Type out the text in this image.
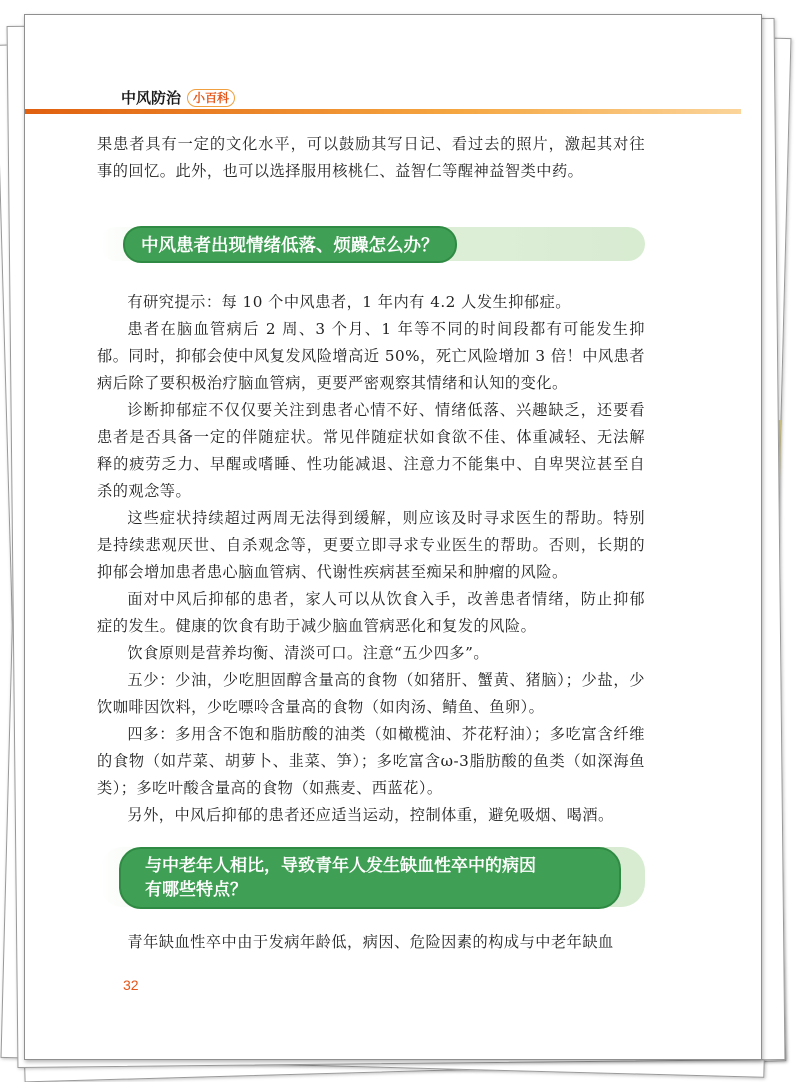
中风防治	小百科

果患者具有一定的文化水平，可以鼓励其写日记、看过去的照片，激起其对往事的回忆。此外，也可以选择服用核桃仁、益智仁等醒神益智类中药。

中风患者出现情绪低落、烦躁怎么办？

有研究提示：每 10 个中风患者，1 年内有 4.2 人发生抑郁症。

患者在脑血管病后 2 周、3 个月、1 年等不同的时间段都有可能发生抑郁。同时，抑郁会使中风复发风险增高近 50%，死亡风险增加 3 倍！中风患者病后除了要积极治疗脑血管病，更要严密观察其情绪和认知的变化。

诊断抑郁症不仅仅要关注到患者心情不好、情绪低落、兴趣缺乏，还要看患者是否具备一定的伴随症状。常见伴随症状如食欲不佳、体重减轻、无法解释的疲劳乏力、早醒或嗜睡、性功能减退、注意力不能集中、自卑哭泣甚至自杀的观念等。

这些症状持续超过两周无法得到缓解，则应该及时寻求医生的帮助。特别是持续悲观厌世、自杀观念等，更要立即寻求专业医生的帮助。否则，长期的抑郁会增加患者患心脑血管病、代谢性疾病甚至痴呆和肿瘤的风险。

面对中风后抑郁的患者，家人可以从饮食入手，改善患者情绪，防止抑郁症的发生。健康的饮食有助于减少脑血管病恶化和复发的风险。

饮食原则是营养均衡、清淡可口。注意“五少四多”。

五少：少油，少吃胆固醇含量高的食物（如猪肝、蟹黄、猪脑）；少盐，少饮咖啡因饮料，少吃嘌呤含量高的食物（如肉汤、鲭鱼、鱼卵）。

四多：多用含不饱和脂肪酸的油类（如橄榄油、芥花籽油）；多吃富含纤维的食物（如芹菜、胡萝卜、韭菜、笋）；多吃富含ω-3脂肪酸的鱼类（如深海鱼类）；多吃叶酸含量高的食物（如燕麦、西蓝花）。

另外，中风后抑郁的患者还应适当运动，控制体重，避免吸烟、喝酒。

与中老年人相比，导致青年人发生缺血性卒中的病因
有哪些特点？

青年缺血性卒中由于发病年龄低，病因、危险因素的构成与中老年缺血

32
